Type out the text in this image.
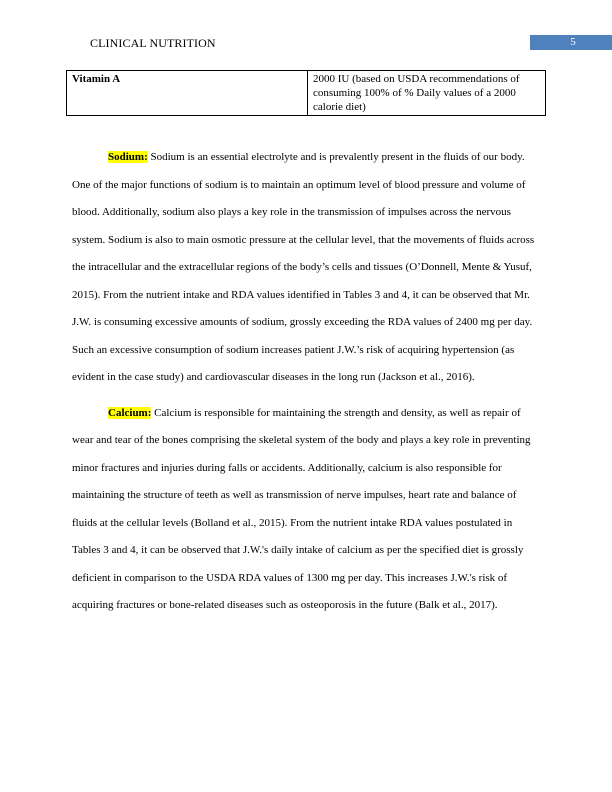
CLINICAL NUTRITION	5
Vitamin A	2000 IU (based on USDA recommendations of consuming 100% of % Daily values of a 2000 calorie diet)

Sodium: Sodium is an essential electrolyte and is prevalently present in the fluids of our body. One of the major functions of sodium is to maintain an optimum level of blood pressure and volume of blood. Additionally, sodium also plays a key role in the transmission of impulses across the nervous system. Sodium is also to main osmotic pressure at the cellular level, that the movements of fluids across the intracellular and the extracellular regions of the body’s cells and tissues (O’Donnell, Mente & Yusuf, 2015). From the nutrient intake and RDA values identified in Tables 3 and 4, it can be observed that Mr. J.W. is consuming excessive amounts of sodium, grossly exceeding the RDA values of 2400 mg per day. Such an excessive consumption of sodium increases patient J.W.’s risk of acquiring hypertension (as evident in the case study) and cardiovascular diseases in the long run (Jackson et al., 2016).

Calcium: Calcium is responsible for maintaining the strength and density, as well as repair of wear and tear of the bones comprising the skeletal system of the body and plays a key role in preventing minor fractures and injuries during falls or accidents. Additionally, calcium is also responsible for maintaining the structure of teeth as well as transmission of nerve impulses, heart rate and balance of fluids at the cellular levels (Bolland et al., 2015). From the nutrient intake RDA values postulated in Tables 3 and 4, it can be observed that J.W.'s daily intake of calcium as per the specified diet is grossly deficient in comparison to the USDA RDA values of 1300 mg per day. This increases J.W.'s risk of acquiring fractures or bone-related diseases such as osteoporosis in the future (Balk et al., 2017).
